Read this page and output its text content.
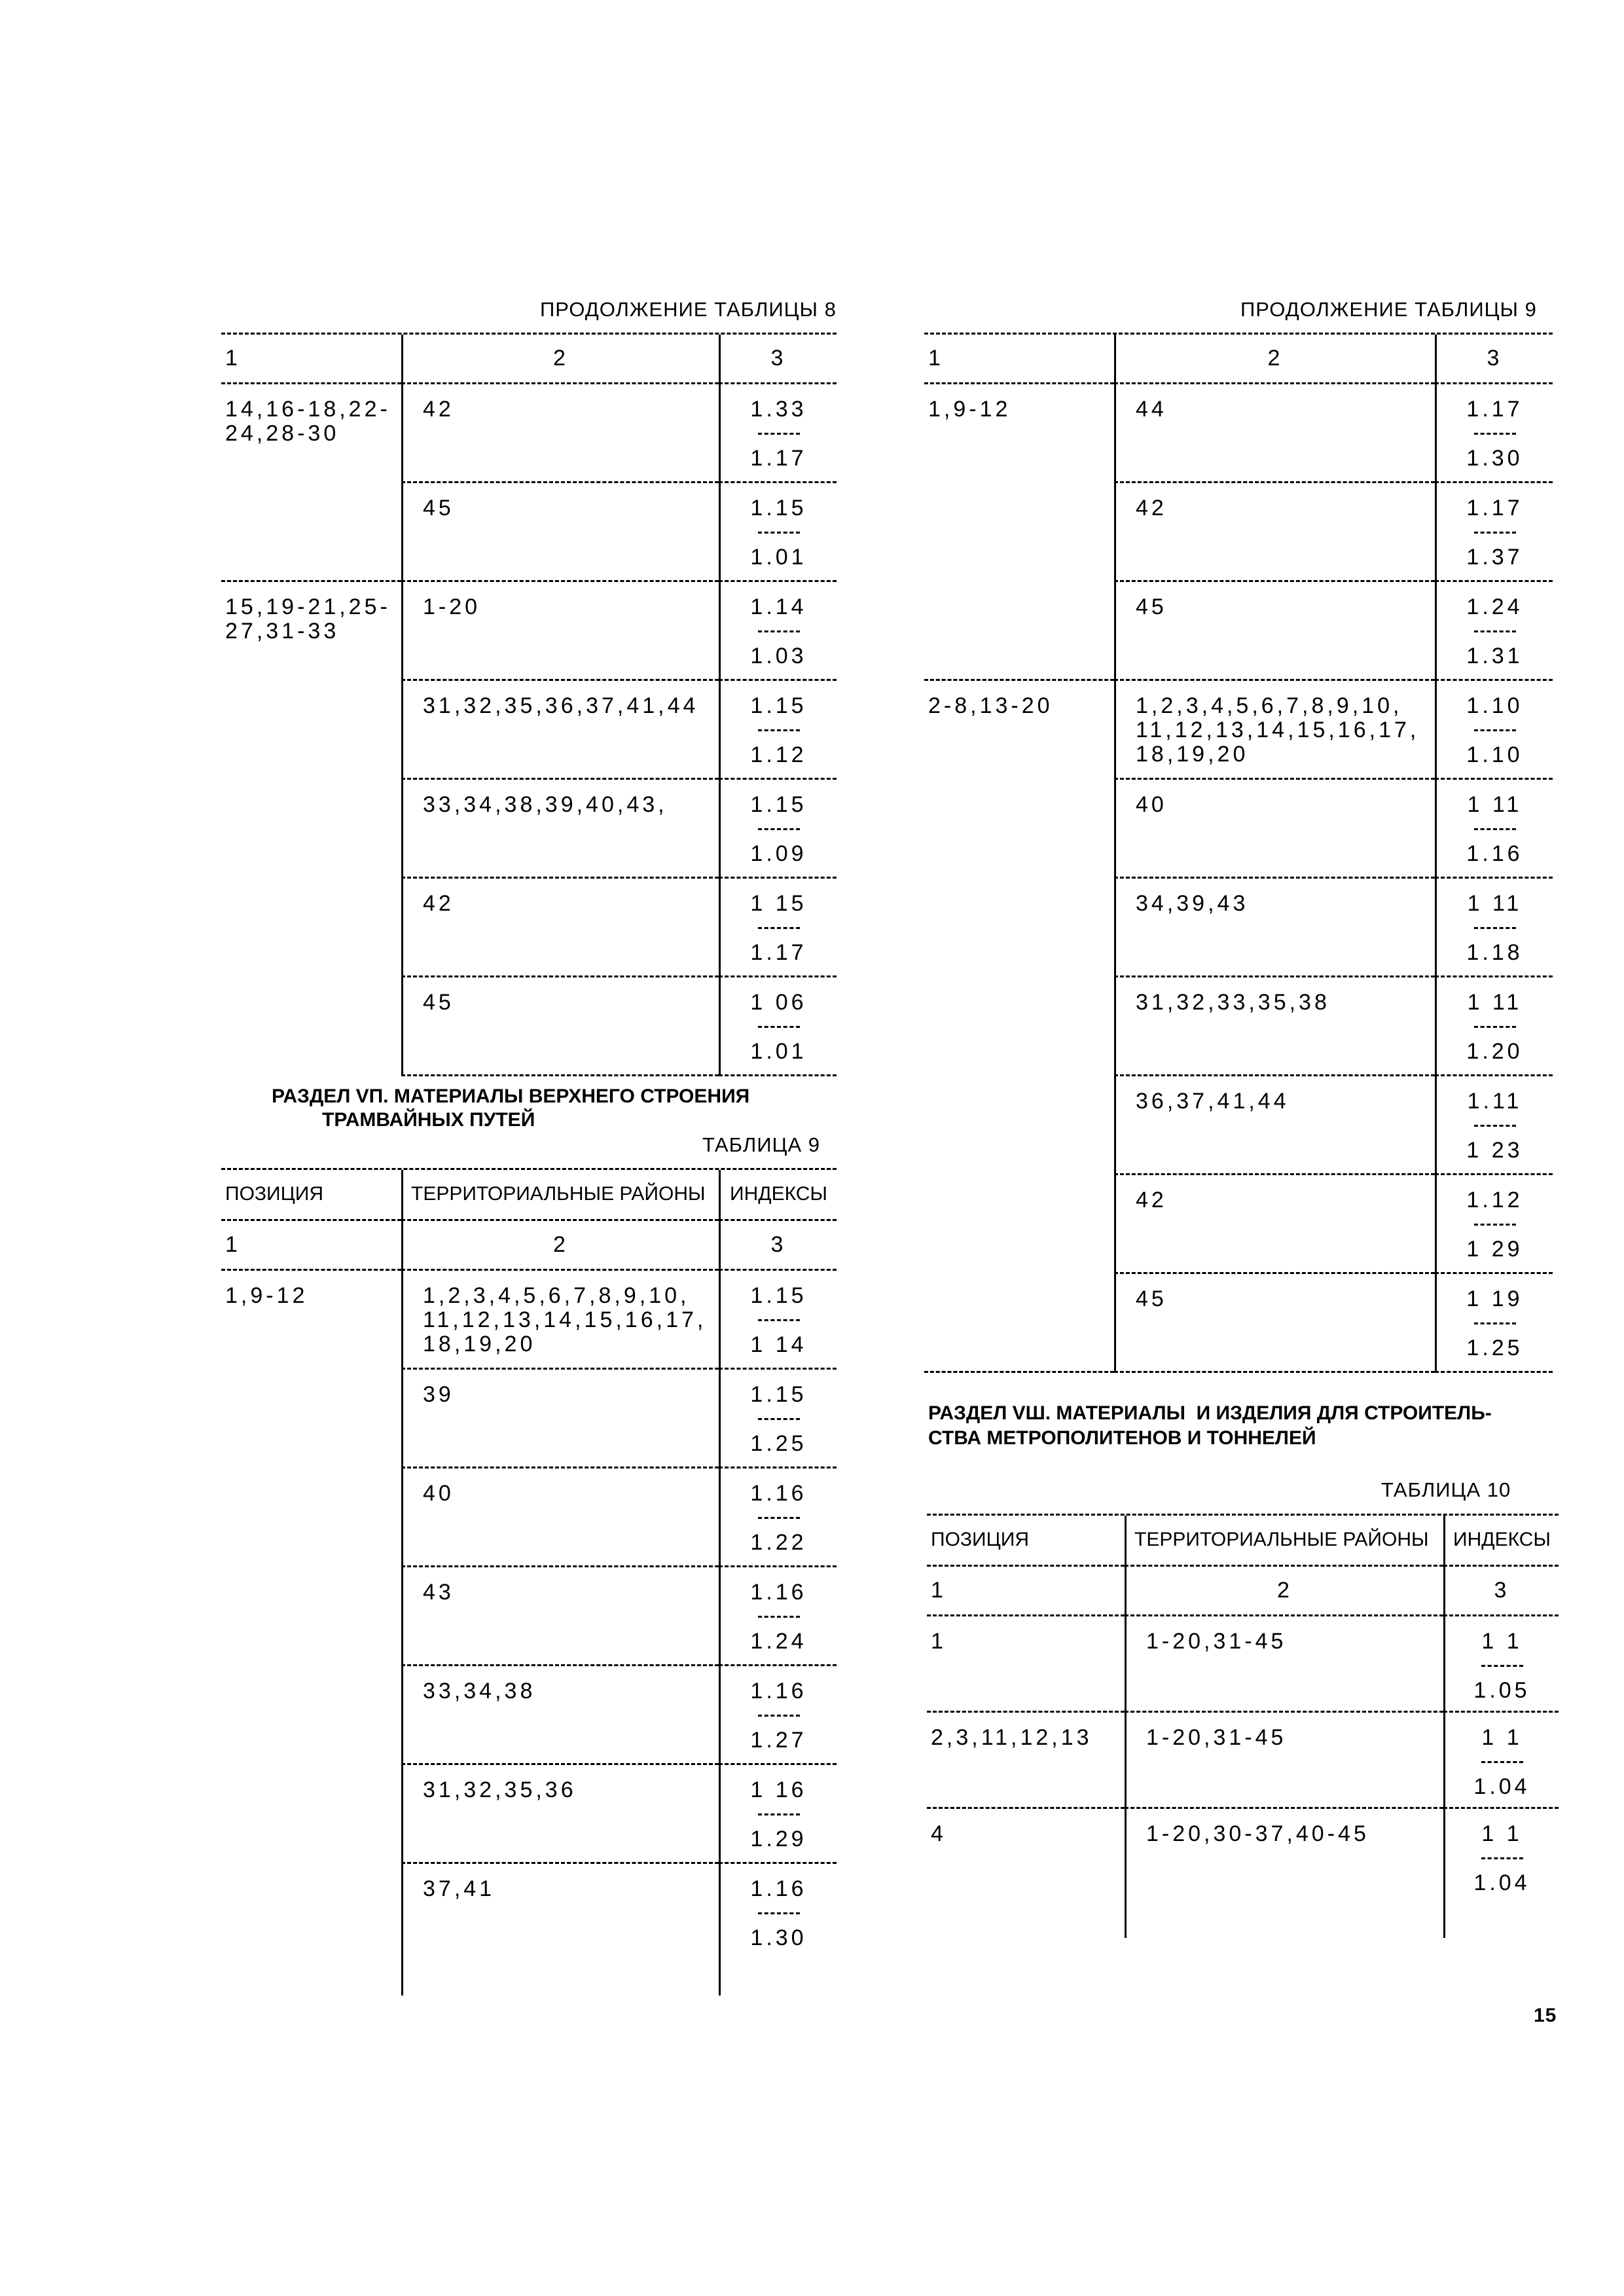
ПРОДОЛЖЕНИЕ ТАБЛИЦЫ 8
1	2	3
14,16-18,22-
24,28-30
42	$\frac{1.33}{1.17}$
45	$\frac{1.15}{1.01}$
15,19-21,25-
27,31-33
1-20	$\frac{1.14}{1.03}$
31,32,35,36,37,41,44	$\frac{1.15}{1.12}$
33,34,38,39,40,43,	$\frac{1.15}{1.09}$
42	$\frac{1 15}{1.17}$
45	$\frac{1 06}{1.01}$
РАЗДЕЛ VП. МАТЕРИАЛЫ ВЕРХНЕГО СТРОЕНИЯ
ТРАМВАЙНЫХ ПУТЕЙ
ТАБЛИЦА 9
ПОЗИЦИЯ	ТЕРРИТОРИАЛЬНЫЕ РАЙОНЫ	ИНДЕКСЫ
1	2	3
1,9-12	1,2,3,4,5,6,7,8,9,10,
11,12,13,14,15,16,17,
18,19,20	$\frac{1.15}{1 14}$
39	$\frac{1.15}{1.25}$
40	$\frac{1.16}{1.22}$
43	$\frac{1.16}{1.24}$
33,34,38	$\frac{1.16}{1.27}$
31,32,35,36	$\frac{1 16}{1.29}$
37,41	$\frac{1.16}{1.30}$
ПРОДОЛЖЕНИЕ ТАБЛИЦЫ 9
1	2	3
1,9-12	44	$\frac{1.17}{1.30}$
42	$\frac{1.17}{1.37}$
45	$\frac{1.24}{1.31}$
2-8,13-20	1,2,3,4,5,6,7,8,9,10,
11,12,13,14,15,16,17,
18,19,20	$\frac{1.10}{1.10}$
40	$\frac{1 11}{1.16}$
34,39,43	$\frac{1 11}{1.18}$
31,32,33,35,38	$\frac{1 11}{1.20}$
36,37,41,44	$\frac{1.11}{1 23}$
42	$\frac{1.12}{1 29}$
45	$\frac{1 19}{1.25}$
РАЗДЕЛ VШ. МАТЕРИАЛЫ  И ИЗДЕЛИЯ ДЛЯ СТРОИТЕЛЬ-
СТВА МЕТРОПОЛИТЕНОВ И ТОННЕЛЕЙ
ТАБЛИЦА 10
ПОЗИЦИЯ	ТЕРРИТОРИАЛЬНЫЕ РАЙОНЫ	ИНДЕКСЫ
1	2	3
1	1-20,31-45	$\frac{1 1}{1.05}$
2,3,11,12,13	1-20,31-45	$\frac{1 1}{1.04}$
4	1-20,30-37,40-45	$\frac{1 1}{1.04}$
15
